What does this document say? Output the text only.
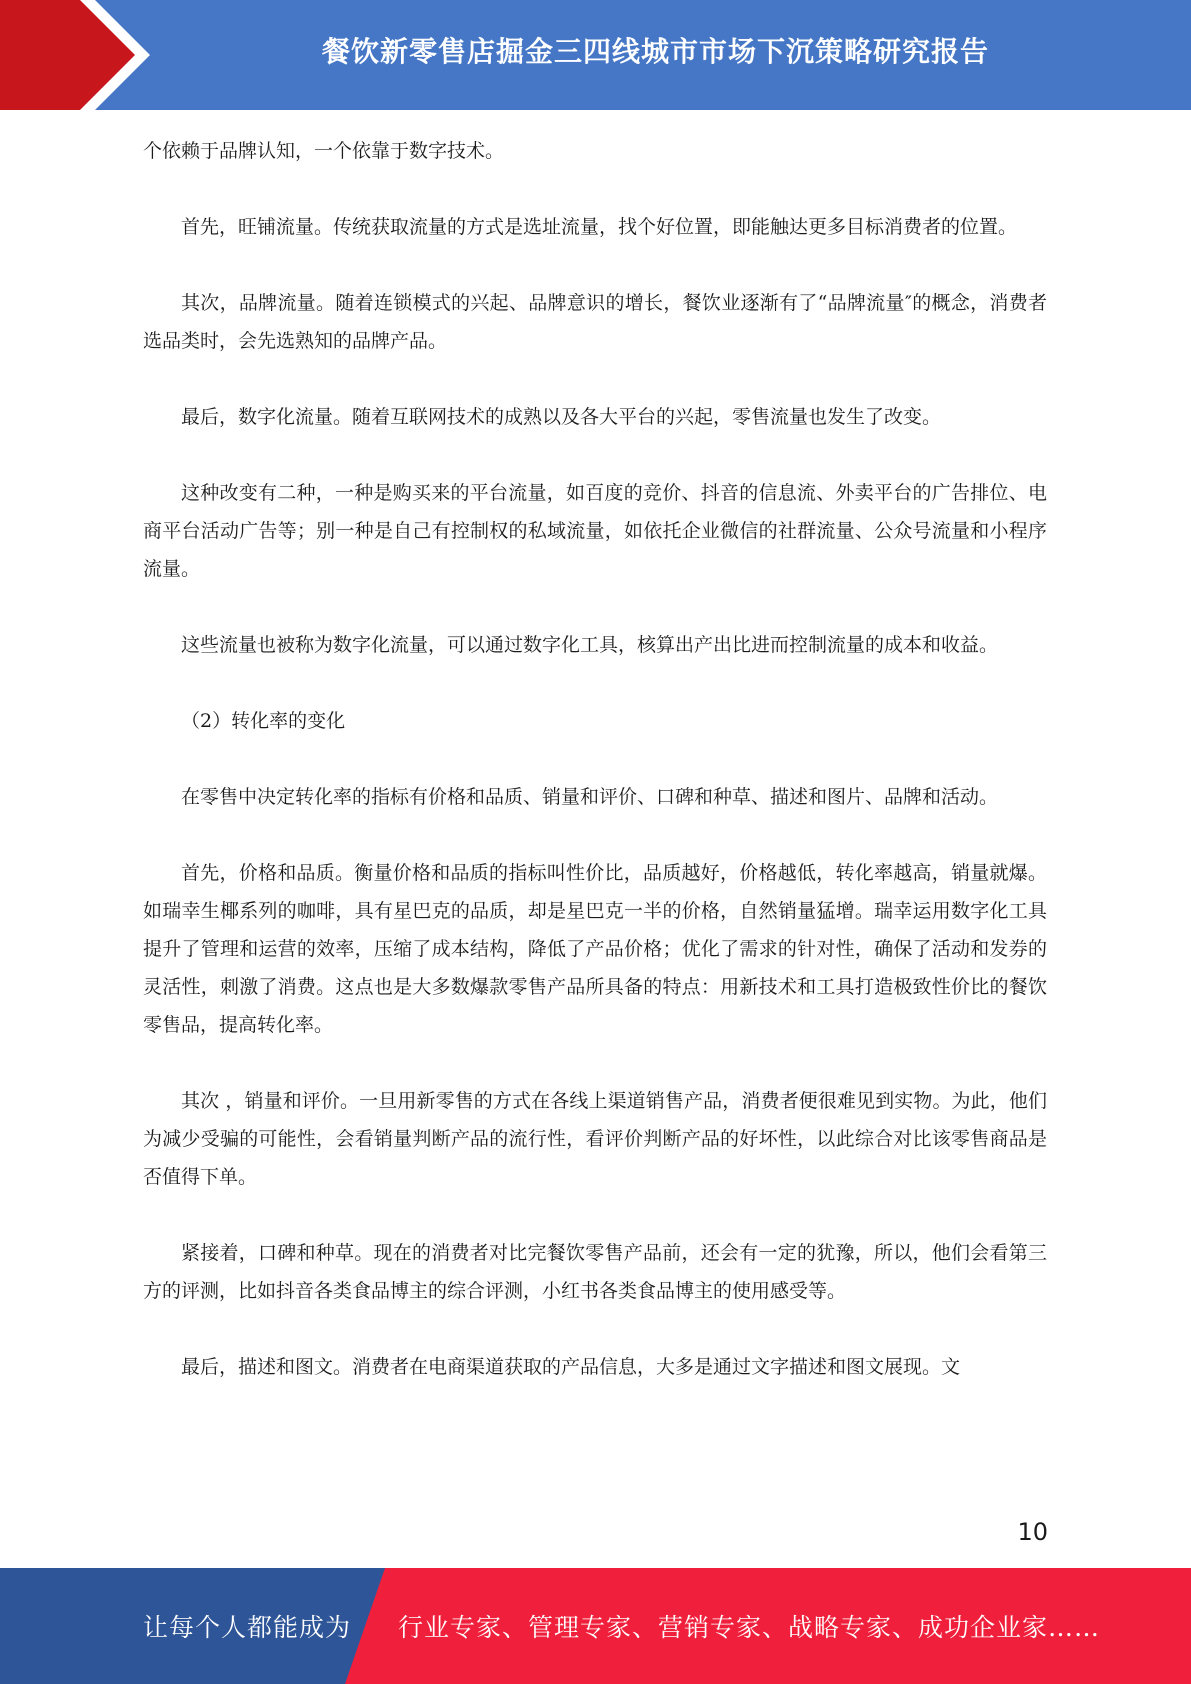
餐饮新零售店掘金三四线城市市场下沉策略研究报告

个依赖于品牌认知，一个依靠于数字技术。

首先，旺铺流量。传统获取流量的方式是选址流量，找个好位置，即能触达更多目标消费者的位置。

其次，品牌流量。随着连锁模式的兴起、品牌意识的增长，餐饮业逐渐有了“品牌流量″的概念，消费者选品类时，会先选熟知的品牌产品。

最后，数字化流量。随着互联网技术的成熟以及各大平台的兴起，零售流量也发生了改变。

这种改变有二种，一种是购买来的平台流量，如百度的竞价、抖音的信息流、外卖平台的广告排位、电商平台活动广告等；别一种是自己有控制权的私域流量，如依托企业微信的社群流量、公众号流量和小程序流量。

这些流量也被称为数字化流量，可以通过数字化工具，核算出产出比进而控制流量的成本和收益。

（2）转化率的变化

在零售中决定转化率的指标有价格和品质、销量和评价、口碑和种草、描述和图片、品牌和活动。

首先，价格和品质。衡量价格和品质的指标叫性价比，品质越好，价格越低，转化率越高，销量就爆。如瑞幸生椰系列的咖啡，具有星巴克的品质，却是星巴克一半的价格，自然销量猛增。瑞幸运用数字化工具提升了管理和运营的效率，压缩了成本结构，降低了产品价格；优化了需求的针对性，确保了活动和发券的灵活性，刺激了消费。这点也是大多数爆款零售产品所具备的特点：用新技术和工具打造极致性价比的餐饮零售品，提高转化率。

其次 ，销量和评价。一旦用新零售的方式在各线上渠道销售产品，消费者便很难见到实物。为此，他们为减少受骗的可能性，会看销量判断产品的流行性，看评价判断产品的好坏性，以此综合对比该零售商品是否值得下单。

紧接着，口碑和种草。现在的消费者对比完餐饮零售产品前，还会有一定的犹豫，所以，他们会看第三方的评测，比如抖音各类食品博主的综合评测，小红书各类食品博主的使用感受等。

最后，描述和图文。消费者在电商渠道获取的产品信息，大多是通过文字描述和图文展现。文

10
让每个人都能成为 行业专家、管理专家、营销专家、战略专家、成功企业家……
